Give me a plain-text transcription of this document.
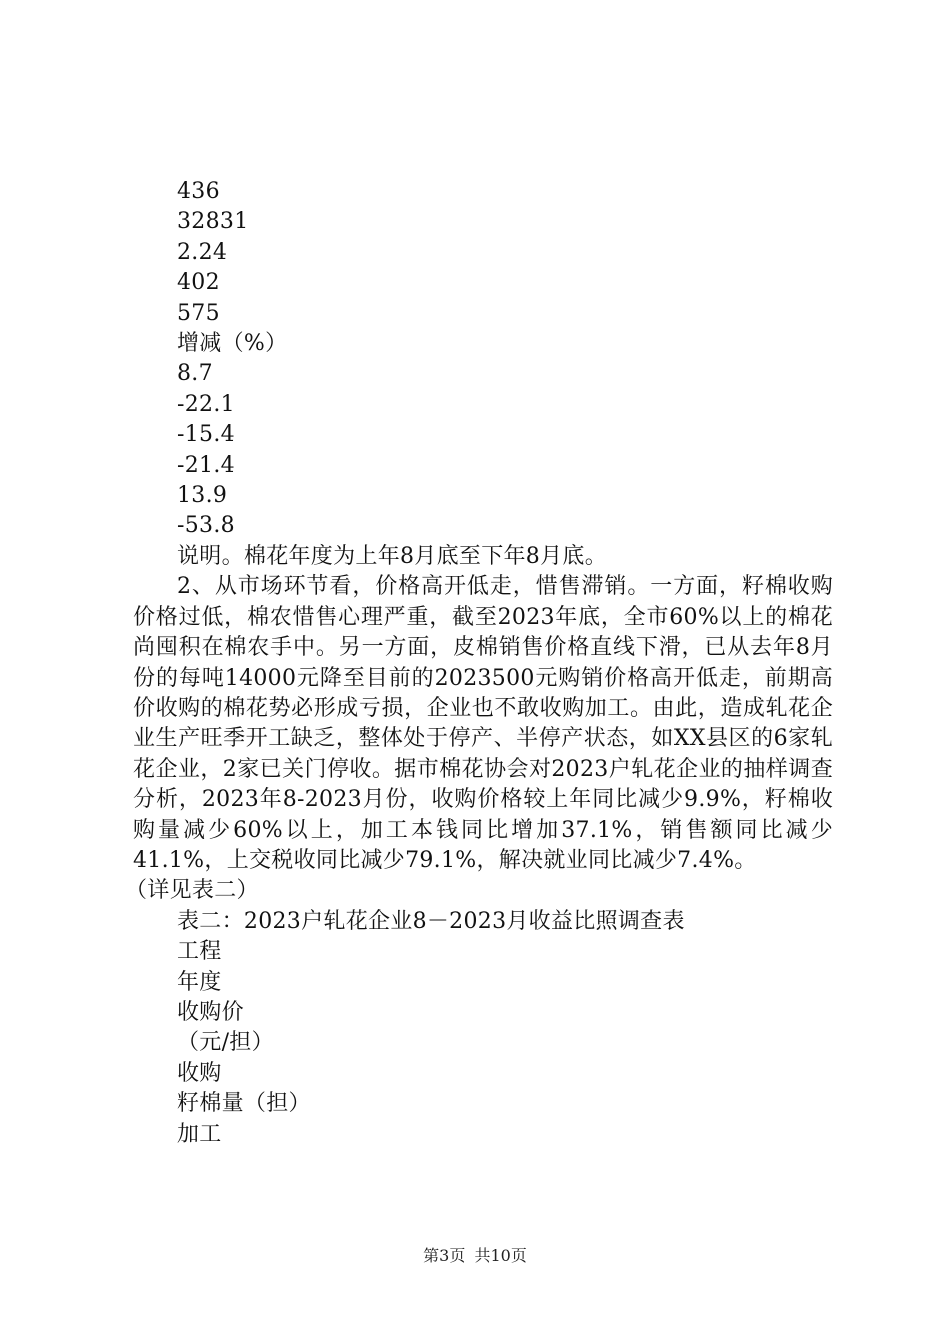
436
32831
2.24
402
575
增减（%）
8.7
-22.1
-15.4
-21.4
13.9
-53.8
说明。棉花年度为上年8月底至下年8月底。
2、从市场环节看，价格高开低走，惜售滞销。一方面，籽棉收购价格过低，棉农惜售心理严重，截至2023年底，全市60%以上的棉花尚囤积在棉农手中。另一方面，皮棉销售价格直线下滑，已从去年8月份的每吨14000元降至目前的2023500元购销价格高开低走，前期高价收购的棉花势必形成亏损，企业也不敢收购加工。由此，造成轧花企业生产旺季开工缺乏，整体处于停产、半停产状态，如XX县区的6家轧花企业，2家已关门停收。据市棉花协会对2023户轧花企业的抽样调查分析，2023年8-2023月份，收购价格较上年同比减少9.9%，籽棉收购量减少60%以上，加工本钱同比增加37.1%，销售额同比减少41.1%，上交税收同比减少79.1%，解决就业同比减少7.4%。
（详见表二）
表二：2023户轧花企业8－2023月收益比照调查表
工程
年度
收购价
（元/担）
收购
籽棉量（担）
加工
第3页 共10页
